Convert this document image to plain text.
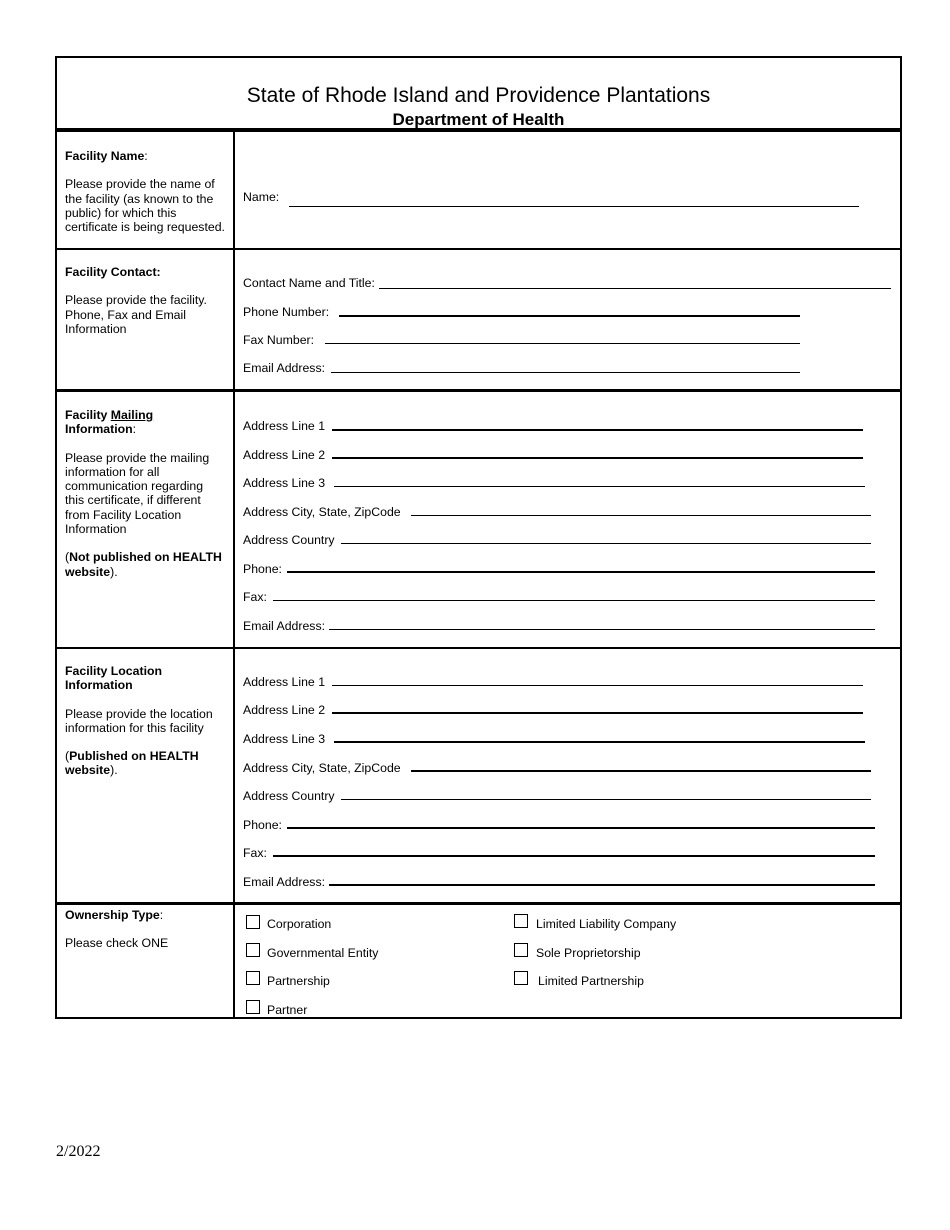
State of Rhode Island and Providence Plantations
Department of Health
Facility Name:
Please provide the name of the facility (as known to the public) for which this certificate is being requested.
Name:
Facility Contact:
Please provide the facility. Phone, Fax and Email Information
Contact Name and Title:
Phone Number:
Fax Number:
Email Address:
Facility Mailing Information:
Please provide the mailing information for all communication regarding this certificate, if different from Facility Location Information
(Not published on HEALTH website).
Address Line 1
Address Line 2
Address Line 3
Address City, State, ZipCode
Address Country
Phone:
Fax:
Email Address:
Facility Location Information
Please provide the location information for this facility
(Published on HEALTH website).
Address Line 1
Address Line 2
Address Line 3
Address City, State, ZipCode
Address Country
Phone:
Fax:
Email Address:
Ownership Type:
Please check ONE
Corporation	Limited Liability Company
Governmental Entity	Sole Proprietorship
Partnership	Limited Partnership
Partner
2/2022
